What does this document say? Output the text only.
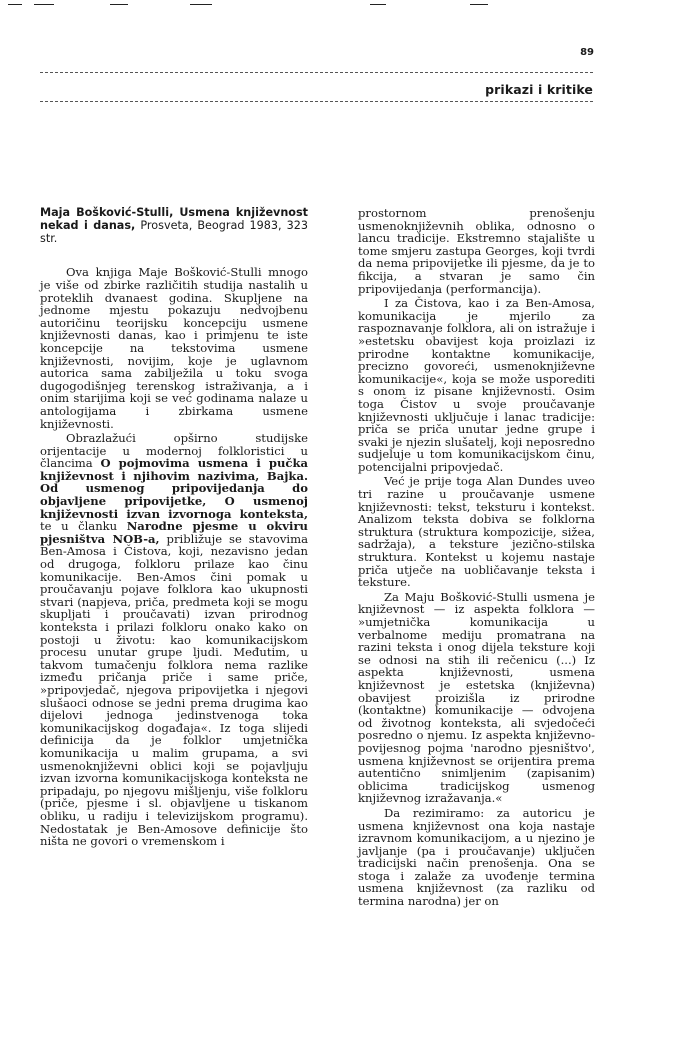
89
prikazi i kritike

Maja Bošković-Stulli, Usmena književnost nekad i danas, Prosveta, Beograd 1983, 323 str.

Ova knjiga Maje Bošković-Stulli mnogo je više od zbirke različitih studija nastalih u proteklih dvanaest godina. Skupljene na jednome mjestu pokazuju nedvojbenu autoričinu teorijsku koncepciju usmene književnosti danas, kao i primjenu te iste koncepcije na tekstovima usmene književnosti, novijim, koje je uglavnom autorica sama zabilježila u toku svoga dugogodišnjeg terenskog istraživanja, a i onim starijima koji se već godinama nalaze u antologijama i zbirkama usmene književnosti.

Obrazlažući opširno studijske orijentacije u modernoj folkloristici u člancima O pojmovima usmena i pučka književnost i njihovim nazivima, Bajka. Od usmenog pripovijedanja do objavljene pripovijetke, O usmenoj književnosti izvan izvornoga konteksta, te u članku Narodne pjesme u okviru pjesništva NOB-a, približuje se stavovima Ben-Amosa i Čistova, koji, nezavisno jedan od drugoga, folkloru prilaze kao činu komunikacije. Ben-Amos čini pomak u proučavanju pojave folklora kao ukupnosti stvari (napjeva, priča, predmeta koji se mogu skupljati i proučavati) izvan prirodnog konteksta i prilazi folkloru onako kako on postoji u životu: kao komunikacijskom procesu unutar grupe ljudi. Međutim, u takvom tumačenju folklora nema razlike između pričanja priče i same priče, »pripovjedač, njegova pripovijetka i njegovi slušaoci odnose se jedni prema drugima kao dijelovi jednoga jedinstvenoga toka komunikacijskog događaja«. Iz toga slijedi definicija da je folklor umjetnička komunikacija u malim grupama, a svi usmenoknjiževni oblici koji se pojavljuju izvan izvorna komunikacijskoga konteksta ne pripadaju, po njegovu mišljenju, više folkloru (priče, pjesme i sl. objavljene u tiskanom obliku, u radiju i televizijskom programu). Nedostatak je Ben-Amosove definicije što ništa ne govori o vremenskom i

prostornom prenošenju usmenoknjiževnih oblika, odnosno o lancu tradicije. Ekstremno stajalište u tome smjeru zastupa Georges, koji tvrdi da nema pripovijetke ili pjesme, da je to fikcija, a stvaran je samo čin pripovijedanja (performancija).

I za Čistova, kao i za Ben-Amosa, komunikacija je mjerilo za raspoznavanje folklora, ali on istražuje i »estetsku obavijest koja proizlazi iz prirodne kontaktne komunikacije, precizno govoreći, usmenoknjiževne komunikacije«, koja se može usporediti s onom iz pisane književnosti. Osim toga Čistov u svoje proučavanje književnosti uključuje i lanac tradicije: priča se priča unutar jedne grupe i svaki je njezin slušatelj, koji neposredno sudjeluje u tom komunikacijskom činu, potencijalni pripovjedač.

Već je prije toga Alan Dundes uveo tri razine u proučavanje usmene književnosti: tekst, teksturu i kontekst. Analizom teksta dobiva se folklorna struktura (struktura kompozicije, sižea, sadržaja), a teksture jezično-stilska struktura. Kontekst u kojemu nastaje priča utječe na uobličavanje teksta i teksture.

Za Maju Bošković-Stulli usmena je književnost — iz aspekta folklora — »umjetnička komunikacija u verbalnome mediju promatrana na razini teksta i onog dijela teksture koji se odnosi na stih ili rečenicu (...) Iz aspekta književnosti, usmena književnost je estetska (književna) obavijest proizišla iz prirodne (kontaktne) komunikacije — odvojena od životnog konteksta, ali svjedočeći posredno o njemu. Iz aspekta književno-povijesnog pojma 'narodno pjesništvo', usmena književnost se orijentira prema autentično snimljenim (zapisanim) oblicima tradicijskog usmenog književnog izražavanja.«

Da rezimiramo: za autoricu je usmena književnost ona koja nastaje izravnom komunikacijom, a u njezino je javljanje (pa i proučavanje) uključen tradicijski način prenošenja. Ona se stoga i zalaže za uvođenje termina usmena književnost (za razliku od termina narodna) jer on
